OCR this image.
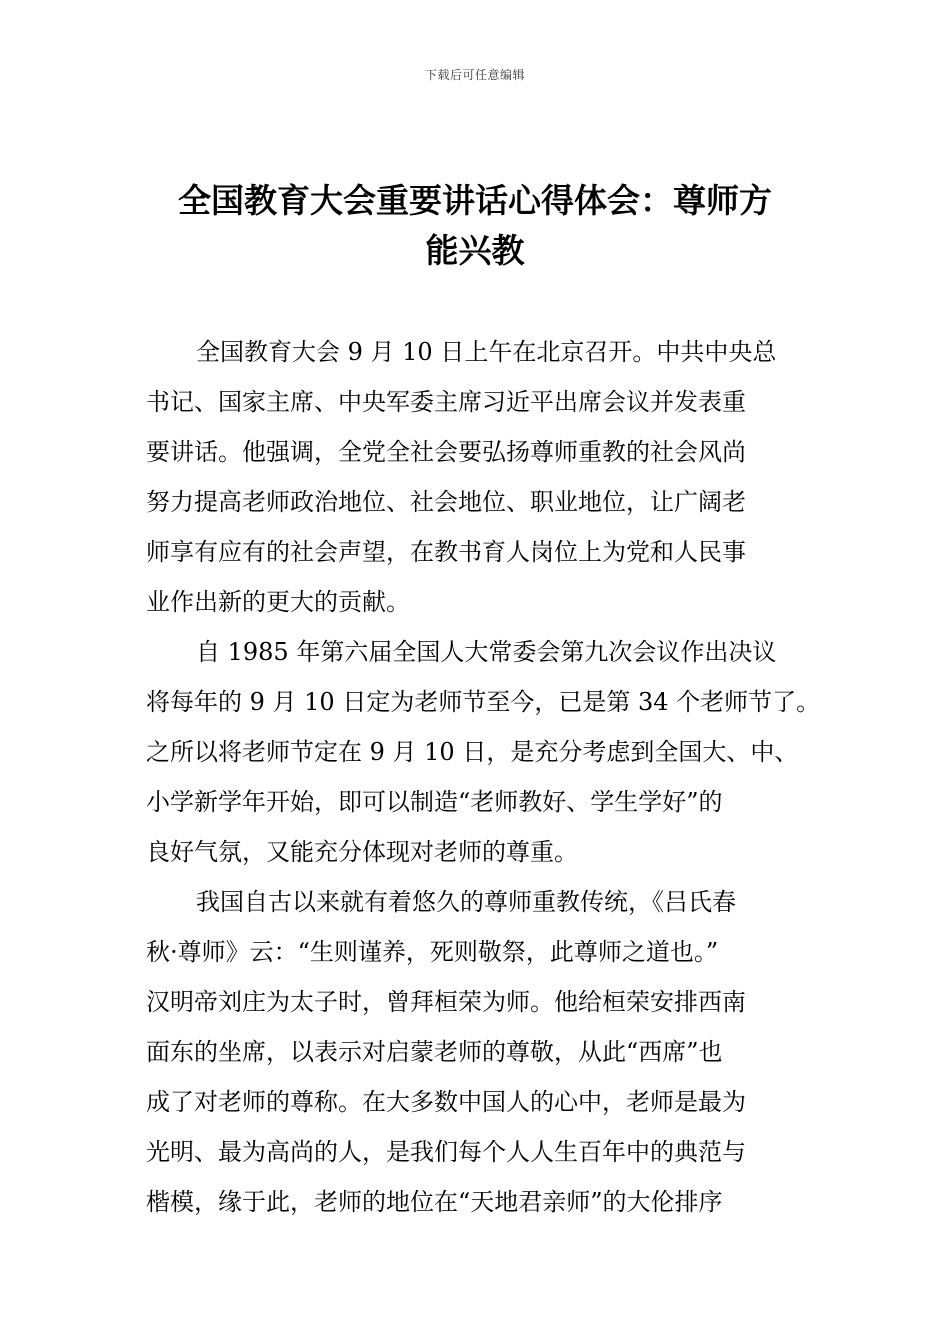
下载后可任意编辑
全国教育大会重要讲话心得体会：尊师方
能兴教
全国教育大会 9 月 10 日上午在北京召开。中共中央总
书记、国家主席、中央军委主席习近平出席会议并发表重
要讲话。他强调，全党全社会要弘扬尊师重教的社会风尚
努力提高老师政治地位、社会地位、职业地位，让广阔老
师享有应有的社会声望，在教书育人岗位上为党和人民事
业作出新的更大的贡献。
自 1985 年第六届全国人大常委会第九次会议作出决议
将每年的 9 月 10 日定为老师节至今，已是第 34 个老师节了。
之所以将老师节定在 9 月 10 日，是充分考虑到全国大、中、
小学新学年开始，即可以制造“老师教好、学生学好”的
良好气氛，又能充分体现对老师的尊重。
我国自古以来就有着悠久的尊师重教传统，《吕氏春
秋·尊师》云：“生则谨养，死则敬祭，此尊师之道也。”
汉明帝刘庄为太子时，曾拜桓荣为师。他给桓荣安排西南
面东的坐席，以表示对启蒙老师的尊敬，从此“西席”也
成了对老师的尊称。在大多数中国人的心中，老师是最为
光明、最为高尚的人，是我们每个人人生百年中的典范与
楷模，缘于此，老师的地位在“天地君亲师”的大伦排序
